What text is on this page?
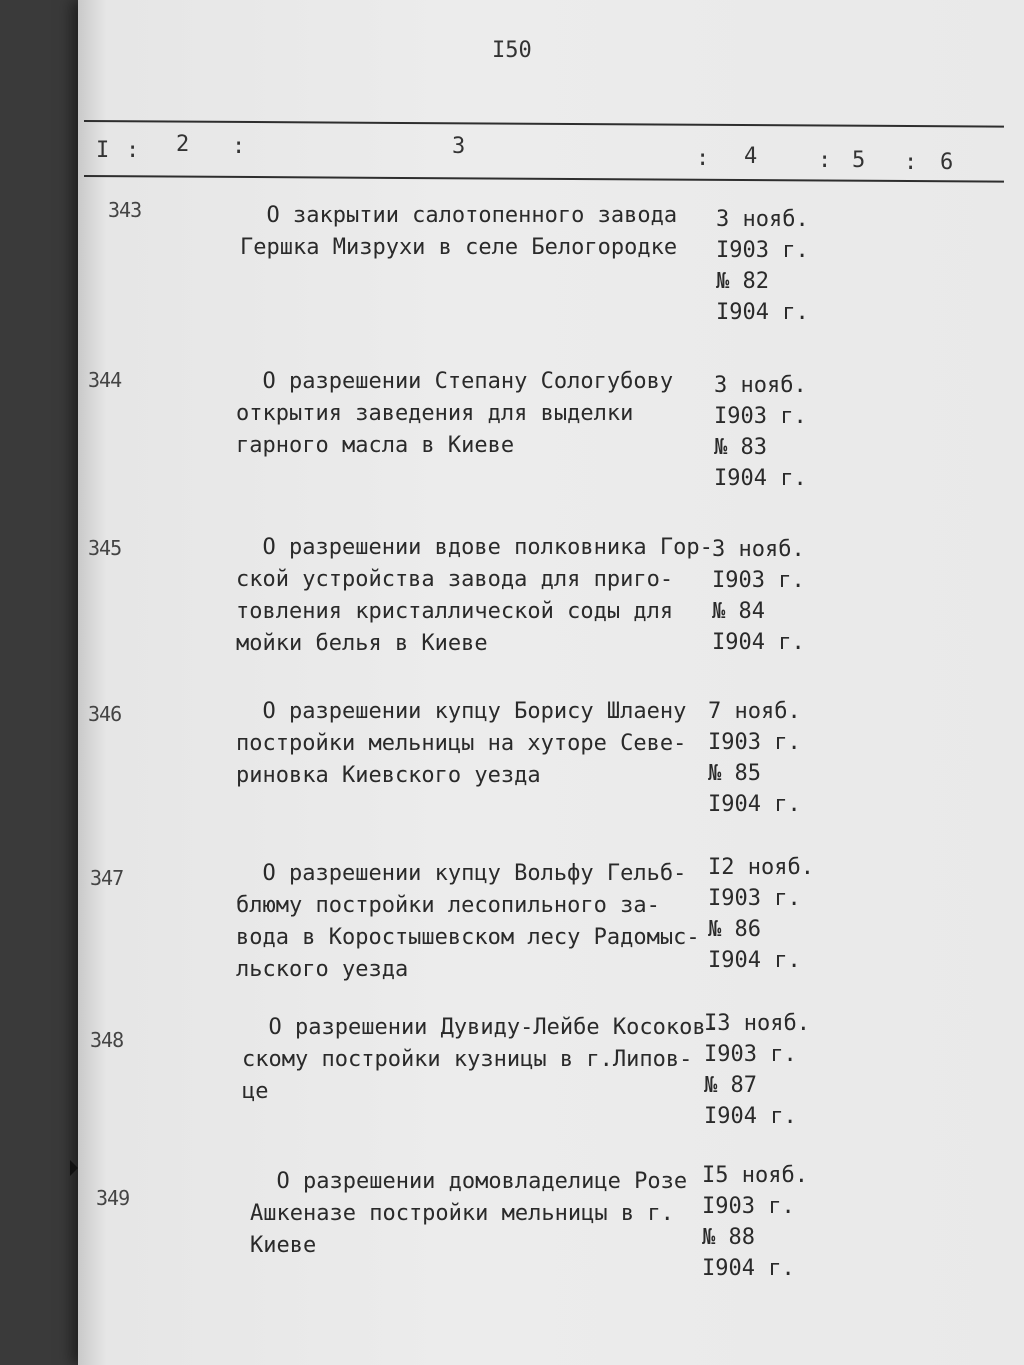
I50
I : 2 :	3	: 4	: 5 : 6
343	О закрытии салотопенного завода
Гершка Мизрухи в селе Белогородке
3 нояб.
I903 г.
№ 82
I904 г.
344	О разрешении Степану Сологубову
открытия заведения для выделки
гарного масла в Киеве
3 нояб.
I903 г.
№ 83
I904 г.
345	О разрешении вдове полковника Гор-
ской устройства завода для приго-
товления кристаллической соды для
мойки белья в Киеве
3 нояб.
I903 г.
№ 84
I904 г.
346	О разрешении купцу Борису Шлаену
постройки мельницы на хуторе Севе-
риновка Киевского уезда
7 нояб.
I903 г.
№ 85
I904 г.
347	О разрешении купцу Вольфу Гельб-
блюму постройки лесопильного за-
вода в Коростышевском лесу Радомыс-
льского уезда
I2 нояб.
I903 г.
№ 86
I904 г.
348	О разрешении Дувиду-Лейбе Косоков-
скому постройки кузницы в г.Липов-
це
I3 нояб.
I903 г.
№ 87
I904 г.
349
О разрешении домовладелице Розе
Ашкеназе постройки мельницы в г.
Киеве
I5 нояб.
I903 г.
№ 88
I904 г.
